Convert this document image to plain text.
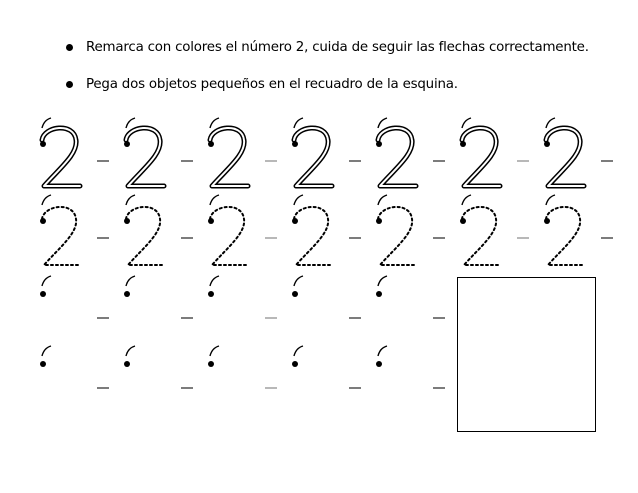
Remarca con colores el número 2, cuida de seguir las flechas correctamente.
Pega dos objetos pequeños en el recuadro de la esquina.
